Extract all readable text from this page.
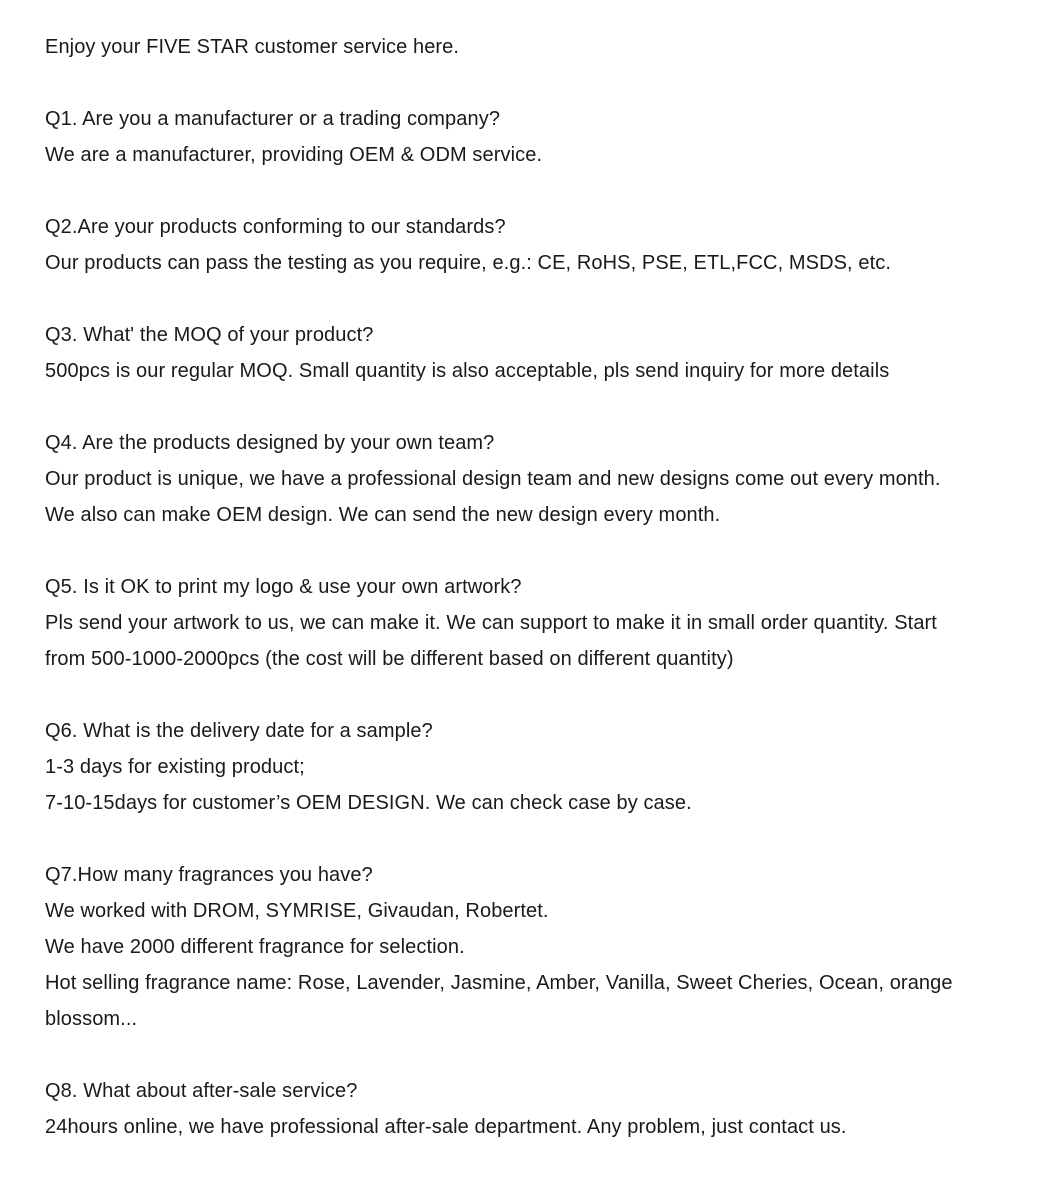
Enjoy your FIVE STAR customer service here.
Q1. Are you a manufacturer or a trading company?
We are a manufacturer, providing OEM & ODM service.
Q2.Are your products conforming to our standards?
Our products can pass the testing as you require, e.g.: CE, RoHS, PSE, ETL,FCC, MSDS, etc.
Q3. What' the MOQ of your product?
500pcs is our regular MOQ. Small quantity is also acceptable, pls send inquiry for more details
Q4. Are the products designed by your own team?
Our product is unique, we have a professional design team and new designs come out every month.
We also can make OEM design. We can send the new design every month.
Q5. Is it OK to print my logo & use your own artwork?
Pls send your artwork to us, we can make it. We can support to make it in small order quantity. Start
from 500-1000-2000pcs (the cost will be different based on different quantity)
Q6. What is the delivery date for a sample?
1-3 days for existing product;
7-10-15days for customer’s OEM DESIGN. We can check case by case.
Q7.How many fragrances you have?
We worked with DROM, SYMRISE, Givaudan, Robertet.
We have 2000 different fragrance for selection.
Hot selling fragrance name: Rose, Lavender, Jasmine, Amber, Vanilla, Sweet Cheries, Ocean, orange
blossom...
Q8. What about after-sale service?
24hours online, we have professional after-sale department. Any problem, just contact us.
